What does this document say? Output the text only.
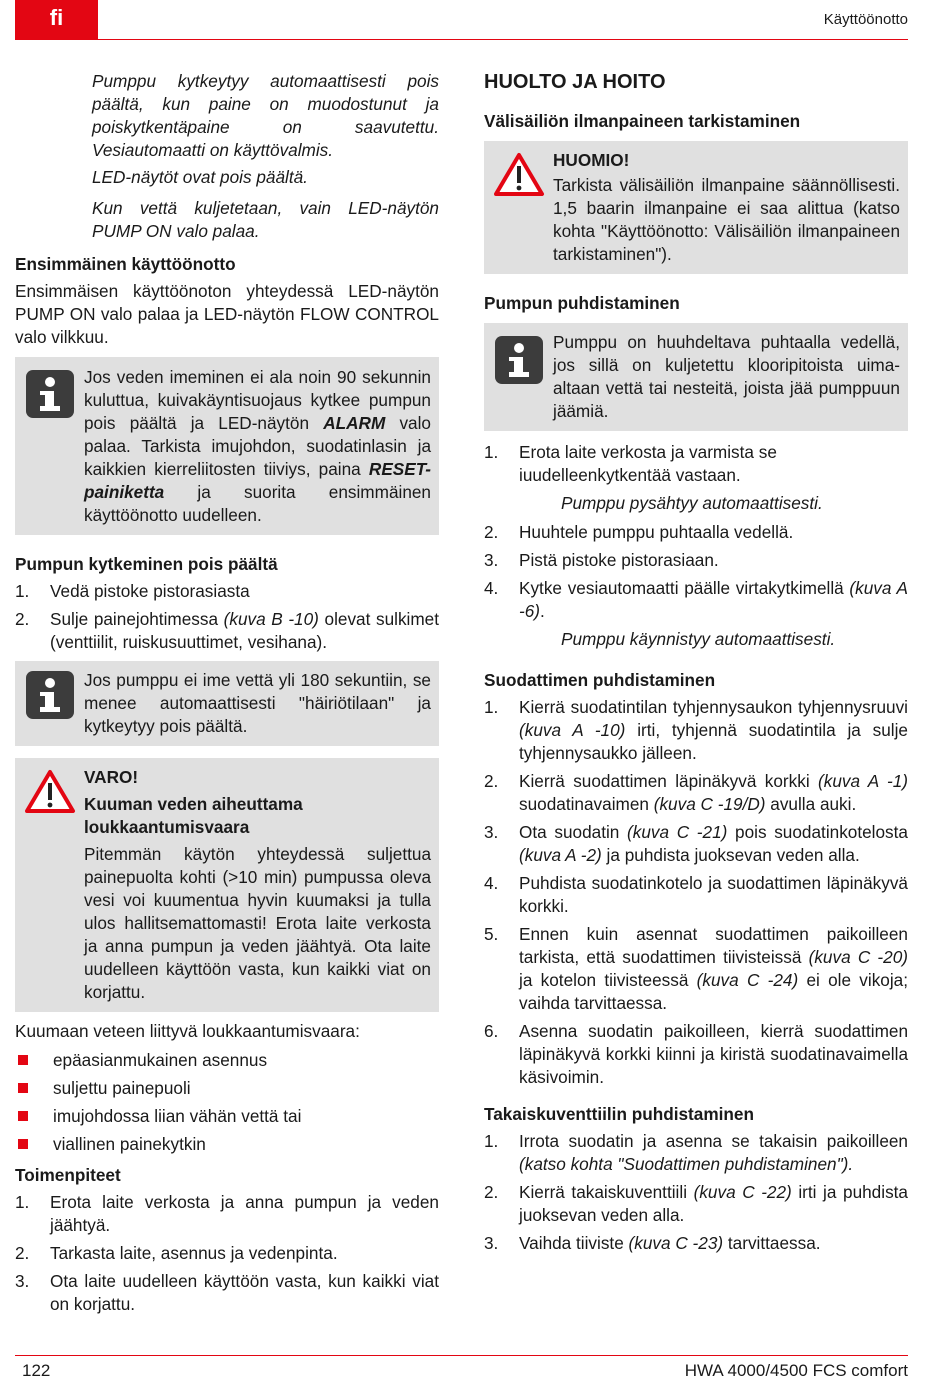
fi	Käyttöönotto

Pumppu kytkeytyy automaattisesti pois päältä, kun paine on muodostunut ja poiskytkentäpaine on saavutettu. Vesiautomaatti on käyttövalmis.

LED-näytöt ovat pois päältä.

Kun vettä kuljetetaan, vain LED-näytön PUMP ON valo palaa.

Ensimmäinen käyttöönotto

Ensimmäisen käyttöönoton yhteydessä LED-näytön PUMP ON valo palaa ja LED-näytön FLOW CONTROL valo vilkkuu.

Jos veden imeminen ei ala noin 90 sekunnin kuluttua, kuivakäyntisuojaus kytkee pumpun pois päältä ja LED-näytön ALARM valo palaa. Tarkista imujohdon, suodatinlasin ja kaikkien kierreliitosten tiiviys, paina RESET-painiketta ja suorita ensimmäinen käyttöönotto uudelleen.
Pumpun kytkeminen pois päältä
1. Vedä pistoke pistorasiasta
2. Sulje painejohtimessa (kuva B -10) olevat sulkimet (venttiilit, ruiskusuuttimet, vesihana).
Jos pumppu ei ime vettä yli 180 sekuntiin, se menee automaattisesti "häiriötilaan" ja kytkeytyy pois päältä.
VARO!
Kuuman veden aiheuttama loukkaantumisvaara
Pitemmän käytön yhteydessä suljettua painepuolta kohti (>10 min) pumpussa oleva vesi voi kuumentua hyvin kuumaksi ja tulla ulos hallitsemattomasti! Erota laite verkosta ja anna pumpun ja veden jäähtyä. Ota laite uudelleen käyttöön vasta, kun kaikki viat on korjattu.

Kuumaan veteen liittyvä loukkaantumisvaara:

epäasianmukainen asennus
suljettu painepuoli
imujohdossa liian vähän vettä tai
viallinen painekytkin
Toimenpiteet
1. Erota laite verkosta ja anna pumpun ja veden jäähtyä.
2. Tarkasta laite, asennus ja vedenpinta.
3. Ota laite uudelleen käyttöön vasta, kun kaikki viat on korjattu.
HUOLTO JA HOITO
Välisäiliön ilmanpaineen tarkistaminen
HUOMIO!
Tarkista välisäiliön ilmanpaine säännöllisesti. 1,5 baarin ilmanpaine ei saa alittua (katso kohta "Käyttöönotto: Välisäiliön ilmanpaineen tarkistaminen").
Pumpun puhdistaminen
Pumppu on huuhdeltava puhtaalla vedellä, jos sillä on kuljetettu klooripitoista uima-altaan vettä tai nesteitä, joista jää pumppuun jäämiä.
1. Erota laite verkosta ja varmista se iuudelleenkytkentää vastaan.

Pumppu pysähtyy automaattisesti.

2. Huuhtele pumppu puhtaalla vedellä.
3. Pistä pistoke pistorasiaan.
4. Kytke vesiautomaatti päälle virtakytkimellä (kuva A -6).

Pumppu käynnistyy automaattisesti.

Suodattimen puhdistaminen
1. Kierrä suodatintilan tyhjennysaukon tyhjennysruuvi (kuva A -10) irti, tyhjennä suodatintila ja sulje tyhjennysaukko jälleen.
2. Kierrä suodattimen läpinäkyvä korkki (kuva A -1) suodatinavaimen (kuva C -19/D) avulla auki.
3. Ota suodatin (kuva C -21) pois suodatinkotelosta (kuva A -2) ja puhdista juoksevan veden alla.
4. Puhdista suodatinkotelo ja suodattimen läpinäkyvä korkki.
5. Ennen kuin asennat suodattimen paikoilleen tarkista, että suodattimen tiivisteissä (kuva C -20) ja kotelon tiivisteessä (kuva C -24) ei ole vikoja; vaihda tarvittaessa.
6. Asenna suodatin paikoilleen, kierrä suodattimen läpinäkyvä korkki kiinni ja kiristä suodatinavaimella käsivoimin.
Takaiskuventtiilin puhdistaminen
1. Irrota suodatin ja asenna se takaisin paikoilleen (katso kohta "Suodattimen puhdistaminen").
2. Kierrä takaiskuventtiili (kuva C -22) irti ja puhdista juoksevan veden alla.
3. Vaihda tiiviste (kuva C -23) tarvittaessa.
122	HWA 4000/4500 FCS comfort
